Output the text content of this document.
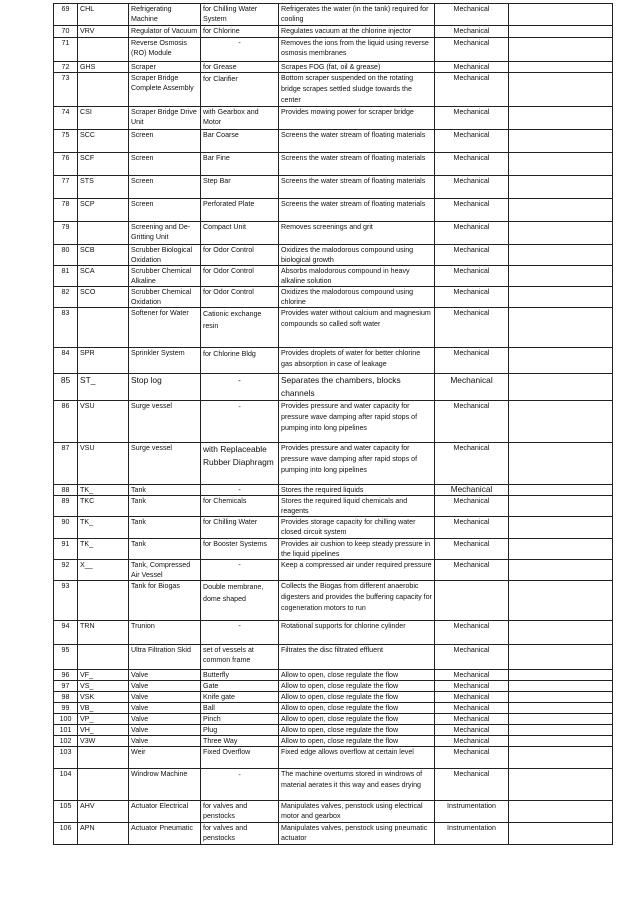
69	CHL	Refrigerating Machine	for Chilling Water System	Refrigerates the water (in the tank) required for cooling	Mechanical	
70	VRV	Regulator of Vacuum	for Chlorine	Regulates vacuum at the chlorine injector	Mechanical	
71		Reverse Osmosis (RO) Module	-	Removes the ions from the liquid using reverse osmosis membranes	Mechanical	
72	GHS	Scraper	for Grease	Scrapes FOG (fat, oil & grease)	Mechanical	
73		Scraper Bridge Complete Assembly	for Clarifier	Bottom scraper suspended on the rotating bridge scrapes settled sludge towards the center	Mechanical	
74	CSI	Scraper Bridge Drive Unit	with Gearbox and Motor	Provides mowing power for scraper bridge	Mechanical	
75	SCC	Screen	Bar Coarse	Screens the water stream of floating materials	Mechanical	
76	SCF	Screen	Bar Fine	Screens the water stream of floating materials	Mechanical	
77	STS	Screen	Step Bar	Screens the water stream of floating materials	Mechanical	
78	SCP	Screen	Perforated Plate	Screens the water stream of floating materials	Mechanical	
79		Screening and De-Gritting Unit	Compact Unit	Removes screenings and grit	Mechanical	
80	SCB	Scrubber Biological Oxidation	for Odor Control	Oxidizes the malodorous compound using biological growth	Mechanical	
81	SCA	Scrubber Chemical Alkaline	for Odor Control	Absorbs malodorous compound in heavy alkaline solution	Mechanical	
82	SCO	Scrubber Chemical Oxidation	for Odor Control	Oxidizes the malodorous compound using chlorine	Mechanical	
83		Softener for Water	Cationic exchange resin	Provides water without calcium and magnesium compounds so called soft water	Mechanical	
84	SPR	Sprinkler System	for Chlorine Bldg	Provides droplets of water for better chlorine gas absorption in case of leakage	Mechanical	
85	ST_	Stop log	-	Separates the chambers, blocks channels	Mechanical	
86	VSU	Surge vessel	-	Provides pressure and water capacity for pressure wave damping after rapid stops of pumping into long pipelines	Mechanical	
87	VSU	Surge vessel	with Replaceable Rubber Diaphragm	Provides pressure and water capacity for pressure wave damping after rapid stops of pumping into long pipelines	Mechanical	
88	TK_	Tank	-	Stores the required liquids	Mechanical	
89	TKC	Tank	for Chemicals	Stores the required liquid chemicals and reagents	Mechanical	
90	TK_	Tank	for Chilling Water	Provides storage capacity for chilling water closed circuit system	Mechanical	
91	TK_	Tank	for Booster Systems	Provides air cushion to keep steady pressure in the liquid pipelines	Mechanical	
92	X__	Tank, Compressed Air Vessel	-	Keep a compressed air under required pressure	Mechanical	
93		Tank for Biogas	Double membrane, dome shaped	Collects the Biogas from different anaerobic digesters and provides the buffering capacity for cogeneration motors to run		
94	TRN	Trunion	-	Rotational supports for chlorine cylinder	Mechanical	
95		Ultra Filtration Skid	set of vessels at common frame	Filtrates the disc filtrated effluent	Mechanical	
96	VF_	Valve	Butterfly	Allow to open, close regulate the flow	Mechanical	
97	VS_	Valve	Gate	Allow to open, close regulate the flow	Mechanical	
98	VSK	Valve	Knife gate	Allow to open, close regulate the flow	Mechanical	
99	VB_	Valve	Ball	Allow to open, close regulate the flow	Mechanical	
100	VP_	Valve	Pinch	Allow to open, close regulate the flow	Mechanical	
101	VH_	Valve	Plug	Allow to open, close regulate the flow	Mechanical	
102	V3W	Valve	Three Way	Allow to open, close regulate the flow	Mechanical	
103		Weir	Fixed Overflow	Fixed edge allows overflow at certain level	Mechanical	
104		Windrow Machine	-	The machine overturns stored in windrows of material aerates it this way and eases drying	Mechanical	
105	AHV	Actuator Electrical	for valves and penstocks	Manipulates valves, penstock using electrical motor and gearbox	Instrumentation	
106	APN	Actuator Pneumatic	for valves and penstocks	Manipulates valves, penstock using pneumatic actuator	Instrumentation	
